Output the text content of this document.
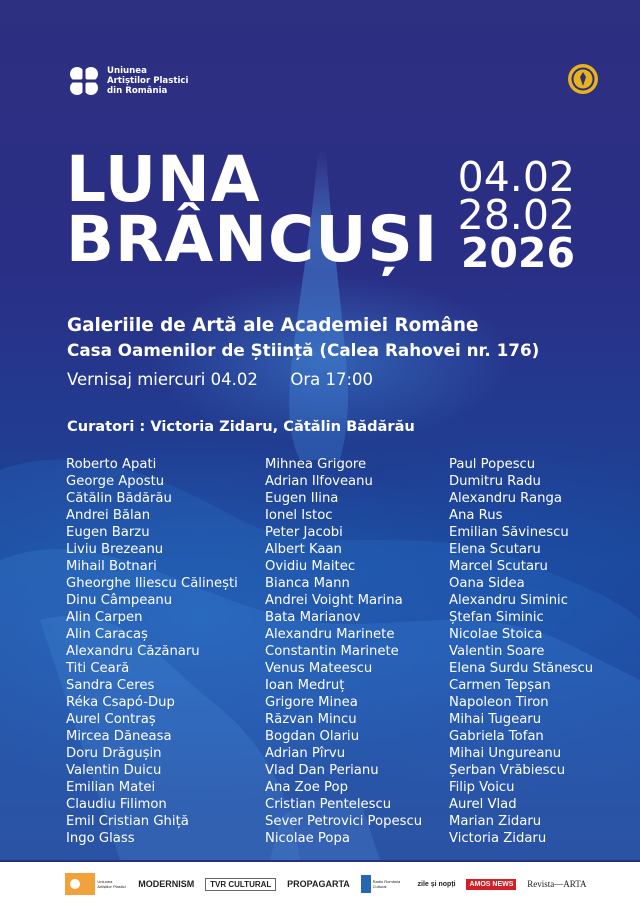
Uniunea
Artiștilor Plastici
din România
LUNA
BRÂNCUȘI
04.02
28.02
2026
Galeriile de Artă ale Academiei Române
Casa Oamenilor de Știință (Calea Rahovei nr. 176)
Vernisaj miercuri 04.02 Ora 17:00
Curatori : Victoria Zidaru, Cătălin Bădărău
Roberto Apati
George Apostu
Cătălin Bădărău
Andrei Bălan
Eugen Barzu
Liviu Brezeanu
Mihail Botnari
Gheorghe Iliescu Călinești
Dinu Câmpeanu
Alin Carpen
Alin Caracaș
Alexandru Căzănaru
Titi Ceară
Sandra Ceres
Réka Csapó-Dup
Aurel Contraș
Mircea Dăneasa
Doru Drăgușin
Valentin Duicu
Emilian Matei
Claudiu Filimon
Emil Cristian Ghiță
Ingo Glass
Mihnea Grigore
Adrian Ilfoveanu
Eugen Ilina
Ionel Istoc
Peter Jacobi
Albert Kaan
Ovidiu Maitec
Bianca Mann
Andrei Voight Marina
Bata Marianov
Alexandru Marinete
Constantin Marinete
Venus Mateescu
Ioan Medruț
Grigore Minea
Răzvan Mincu
Bogdan Olariu
Adrian Pîrvu
Vlad Dan Perianu
Ana Zoe Pop
Cristian Pentelescu
Sever Petrovici Popescu
Nicolae Popa
Paul Popescu
Dumitru Radu
Alexandru Ranga
Ana Rus
Emilian Săvinescu
Elena Scutaru
Marcel Scutaru
Oana Sidea
Alexandru Siminic
Ștefan Siminic
Nicolae Stoica
Valentin Soare
Elena Surdu Stănescu
Carmen Tepșan
Napoleon Tiron
Mihai Tugearu
Gabriela Tofan
Mihai Ungureanu
Șerban Vrăbiescu
Filip Voicu
Aurel Vlad
Marian Zidaru
Victoria Zidaru
Uniunea Artiștilor Plastici MODERNISM	TVR CULTURAL	PROPAGARTA	Radio România Cultural	zile și nopți	AMOS NEWS	Revista—ARTA
